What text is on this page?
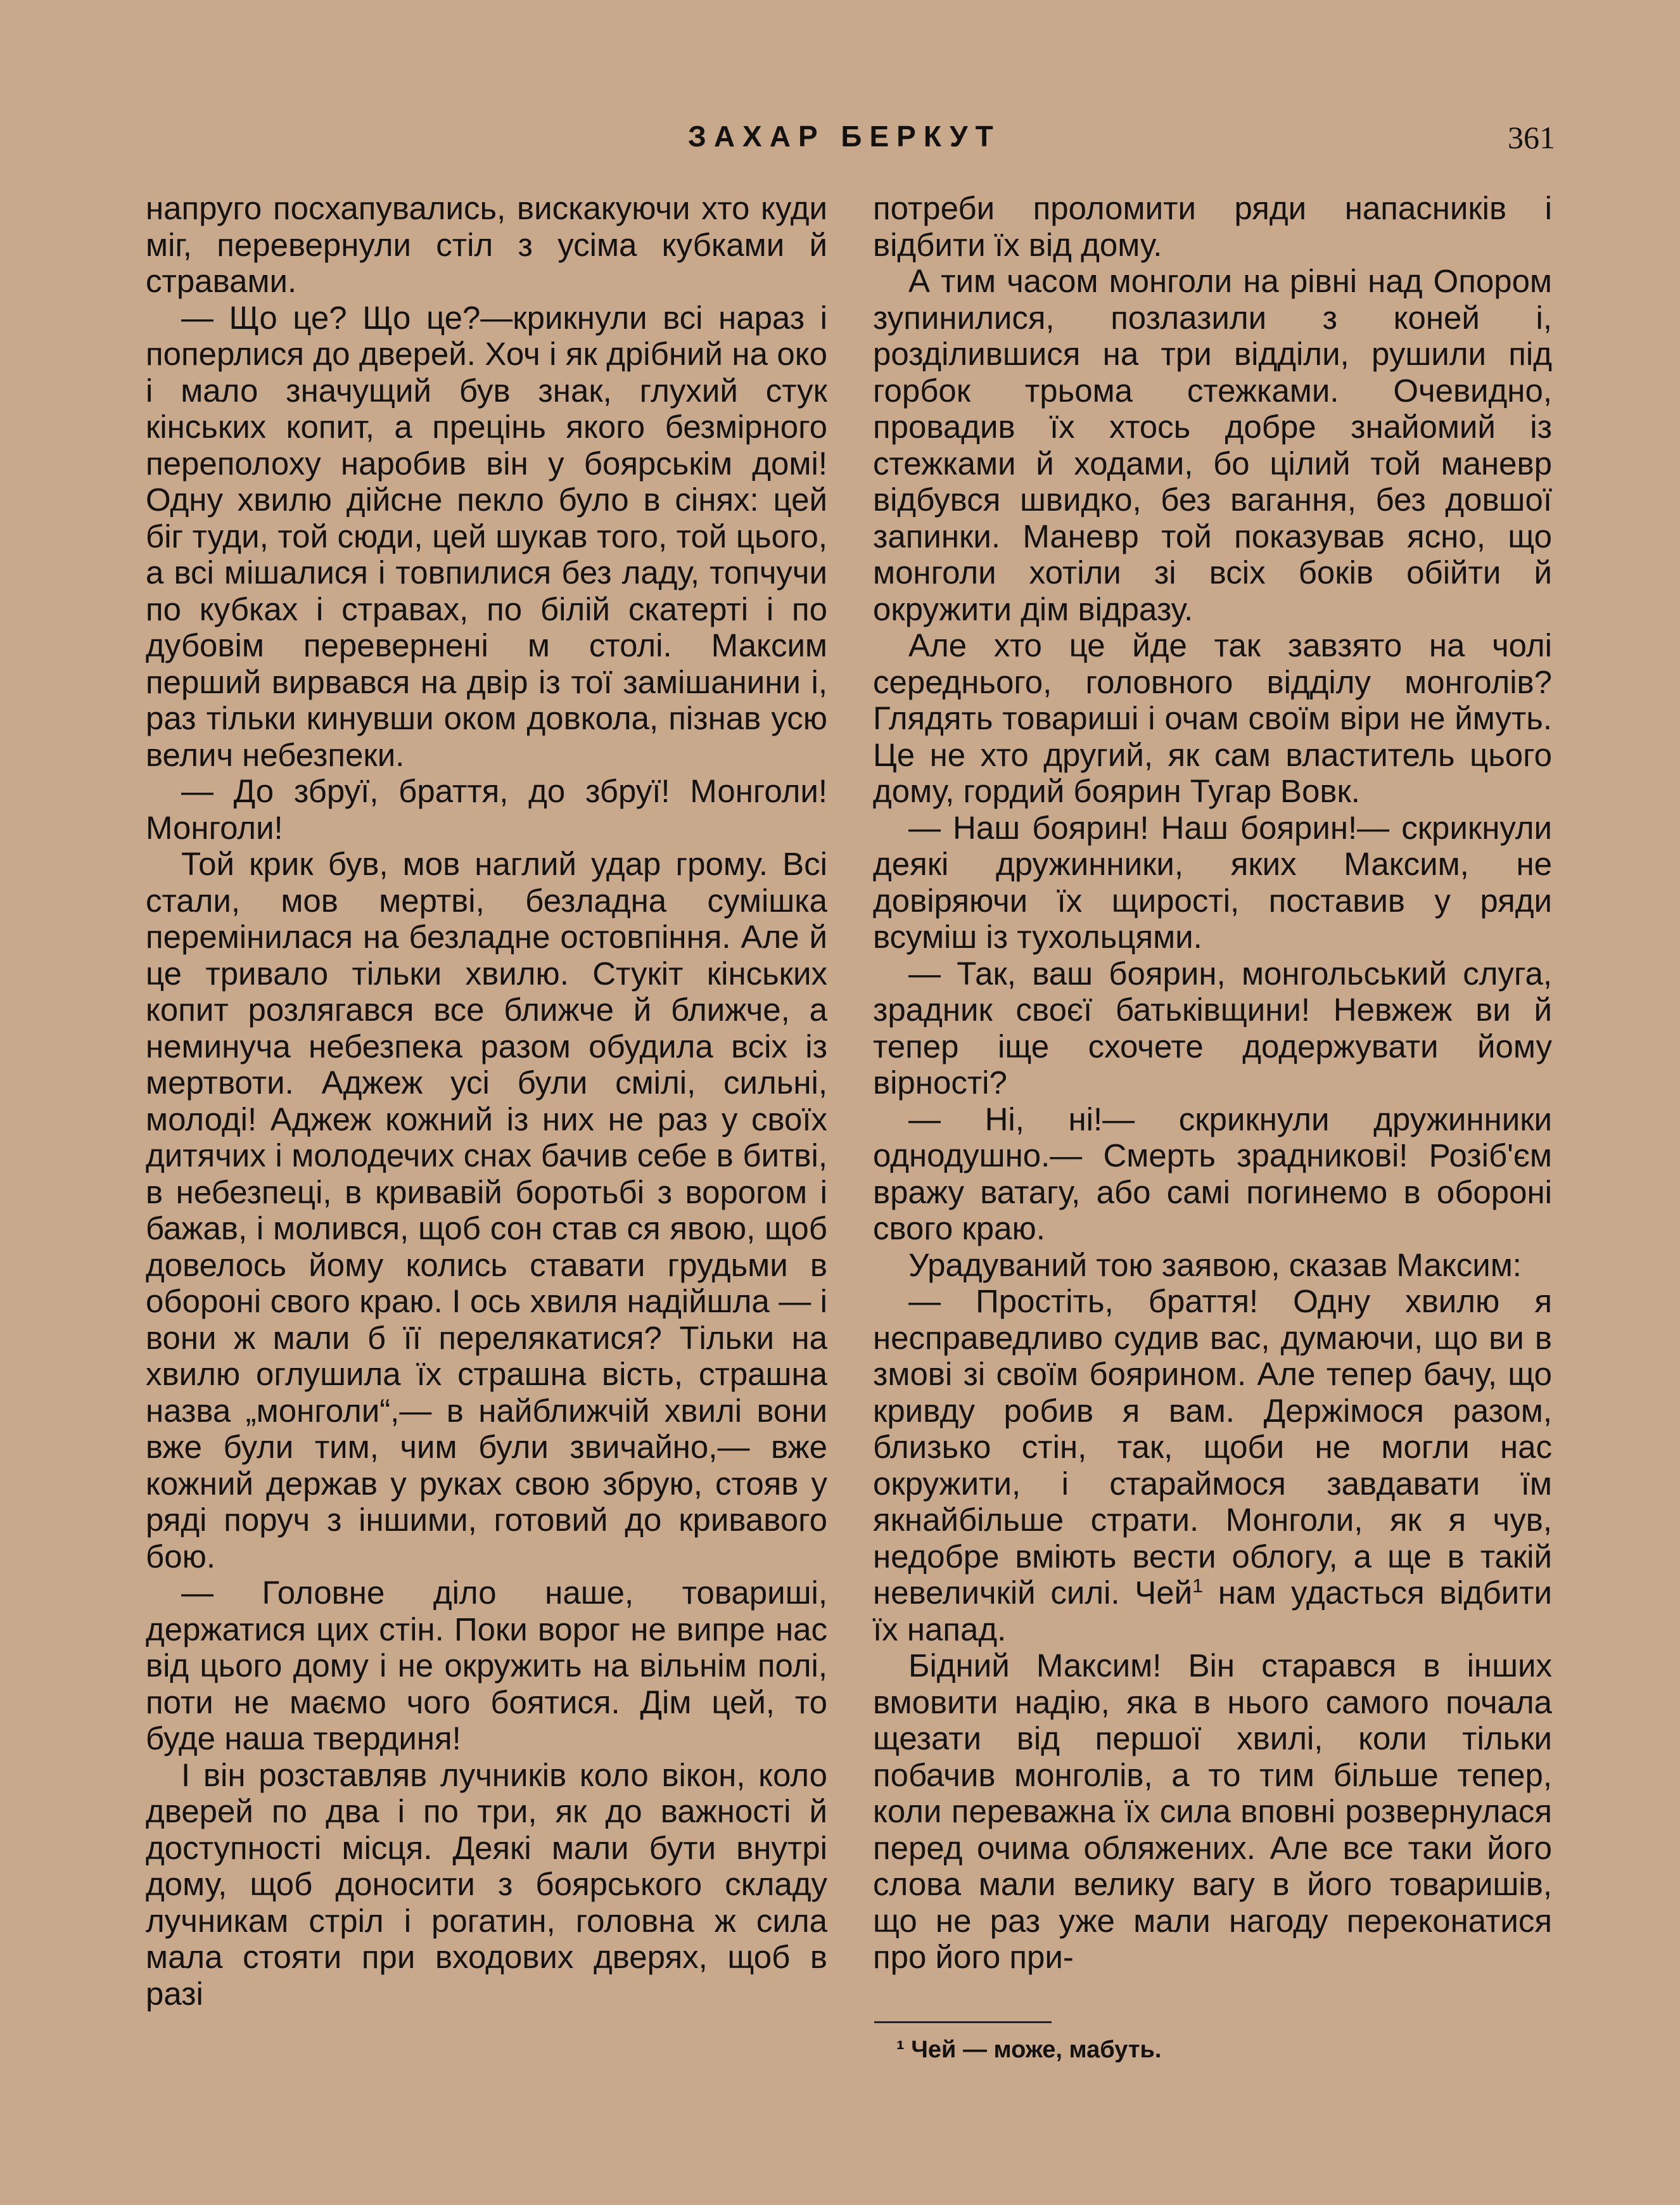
ЗАХАР БЕРКУТ	361

напруго посхапувались, вискакуючи хто куди міг, перевернули стіл з усіма кубками й стравами.

— Що це? Що це?—крикнули всі нараз і поперлися до дверей. Хоч і як дрібний на око і мало значущий був знак, глухий стук кінських копит, а прецінь якого безмірного переполоху наробив він у боярськім домі! Одну хвилю дійсне пекло було в сінях: цей біг туди, той сюди, цей шукав того, той цього, а всі мішалися і товпилися без ладу, топчучи по кубках і стравах, по білій скатерті і по дубовім перевернені м столі. Максим перший вирвався на двір із тої замішанини і, раз тільки кинувши оком довкола, пізнав усю велич небезпеки.

— До збруї, браття, до збруї! Монголи! Монголи!

Той крик був, мов наглий удар грому. Всі стали, мов мертві, безладна сумішка перемінилася на безладне остовпіння. Але й це тривало тільки хвилю. Стукіт кінських копит розлягався все ближче й ближче, а неминуча небезпека разом обудила всіх із мертвоти. Аджеж усі були смілі, сильні, молоді! Аджеж кожний із них не раз у своїх дитячих і молодечих снах бачив себе в битві, в небезпеці, в кривавій боротьбі з ворогом і бажав, і молився, щоб сон став ся явою, щоб довелось йому колись ставати грудьми в обороні свого краю. І ось хвиля надійшла — і вони ж мали б її перелякатися? Тільки на хвилю оглушила їх страшна вість, страшна назва „монголи“,— в найближчій хвилі вони вже були тим, чим були звичайно,— вже кожний держав у руках свою збрую, стояв у ряді поруч з іншими, готовий до кривавого бою.

— Головне діло наше, товариші, держатися цих стін. Поки ворог не випре нас від цього дому і не окружить на вільнім полі, поти не маємо чого боятися. Дім цей, то буде наша твердиня!

І він розставляв лучників коло вікон, коло дверей по два і по три, як до важності й доступності місця. Деякі мали бути внутрі дому, щоб доносити з боярського складу лучникам стріл і рогатин, головна ж сила мала стояти при входових дверях, щоб в разі

потреби проломити ряди напасників і відбити їх від дому.

А тим часом монголи на рівні над Опором зупинилися, позлазили з коней і, розділившися на три відділи, рушили під горбок трьома стежками. Очевидно, провадив їх хтось добре знайомий із стежками й ходами, бо цілий той маневр відбувся швидко, без вагання, без довшої запинки. Маневр той показував ясно, що монголи хотіли зі всіх боків обійти й окружити дім відразу.

Але хто це йде так завзято на чолі середнього, головного відділу монголів? Глядять товариші і очам своїм віри не ймуть. Це не хто другий, як сам властитель цього дому, гордий боярин Тугар Вовк.

— Наш боярин! Наш боярин!— скрикнули деякі дружинники, яких Максим, не довіряючи їх щирості, поставив у ряди всуміш із тухольцями.

— Так, ваш боярин, монгольський слуга, зрадник своєї батьківщини! Невжеж ви й тепер іще схочете додержувати йому вірності?

— Ні, ні!— скрикнули дружинники однодушно.— Смерть зрадникові! Розіб'єм вражу ватагу, або самі погинемо в обороні свого краю.

Урадуваний тою заявою, сказав Максим:

— Простіть, браття! Одну хвилю я несправедливо судив вас, думаючи, що ви в змові зі своїм боярином. Але тепер бачу, що кривду робив я вам. Держімося разом, близько стін, так, щоби не могли нас окружити, і стараймося завдавати їм якнайбільше страти. Монголи, як я чув, недобре вміють вести облогу, а ще в такій невеличкій силі. Чей$^1$ нам удасться відбити їх напад.

Бідний Максим! Він старався в інших вмовити надію, яка в нього самого почала щезати від першої хвилі, коли тільки побачив монголів, а то тим більше тепер, коли переважна їх сила вповні розвернулася перед очима обляжених. Але все таки його слова мали велику вагу в його товаришів, що не раз уже мали нагоду переконатися про його при-

¹ Чей — може, мабуть.
